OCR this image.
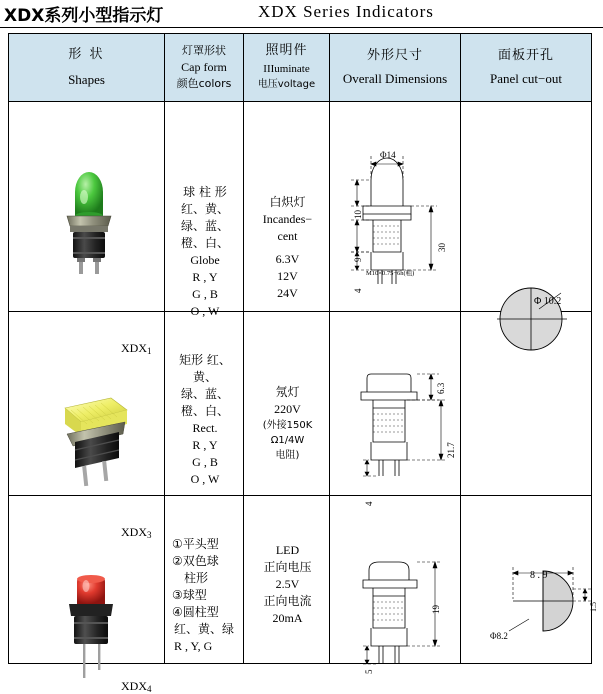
XDX系列小型指示灯	XDX Series Indicators
形 状
Shapes
灯罩形状
Cap form
颜色colors
照明件
IIIuminate
电压voltage
外形尺寸
Overall Dimensions
面板开孔
Panel cut−out
$XDX_1$
球 柱 形
红、黄、
绿、蓝、
橙、白、
Globe
R , Y
G , B
O , W
白炽灯
Incandes−
cent
6.3V
12V
24V
Φ14
10
9
4
30
M10×0.75−6h(粗)
Φ 10.2
$XDX_3$
矩形 红、
黄、
绿、蓝、
橙、白、
Rect.
R , Y
G , B
O , W
氖灯
220V
(外接150K
Ω1/4W
电阻)
6.3
21.7
4
$XDX_4$
①平头型
②双色球
柱形
③球型
④圆柱型
红、黄、绿
R , Y, G
LED
正向电压
2.5V
正向电流
20mA
19
5
8 . 9
1.5
Φ8.2
